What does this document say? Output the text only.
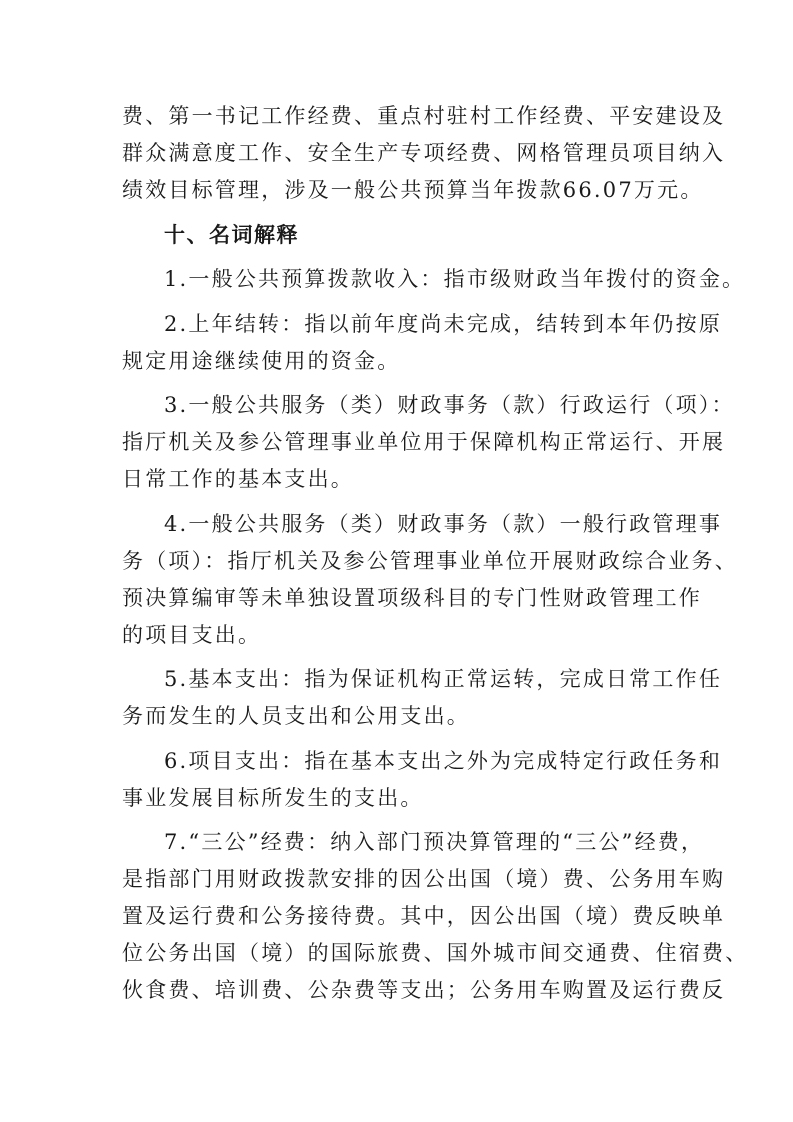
费、第一书记工作经费、重点村驻村工作经费、平安建设及
群众满意度工作、安全生产专项经费、网格管理员项目纳入
绩效目标管理，涉及一般公共预算当年拨款66.07万元。
十、名词解释
1.一般公共预算拨款收入：指市级财政当年拨付的资金。
2.上年结转：指以前年度尚未完成，结转到本年仍按原
规定用途继续使用的资金。
3.一般公共服务（类）财政事务（款）行政运行（项）：
指厅机关及参公管理事业单位用于保障机构正常运行、开展
日常工作的基本支出。
4.一般公共服务（类）财政事务（款）一般行政管理事
务（项）：指厅机关及参公管理事业单位开展财政综合业务、
预决算编审等未单独设置项级科目的专门性财政管理工作
的项目支出。
5.基本支出：指为保证机构正常运转，完成日常工作任
务而发生的人员支出和公用支出。
6.项目支出：指在基本支出之外为完成特定行政任务和
事业发展目标所发生的支出。
7.“三公”经费：纳入部门预决算管理的“三公”经费，
是指部门用财政拨款安排的因公出国（境）费、公务用车购
置及运行费和公务接待费。其中，因公出国（境）费反映单
位公务出国（境）的国际旅费、国外城市间交通费、住宿费、
伙食费、培训费、公杂费等支出；公务用车购置及运行费反
